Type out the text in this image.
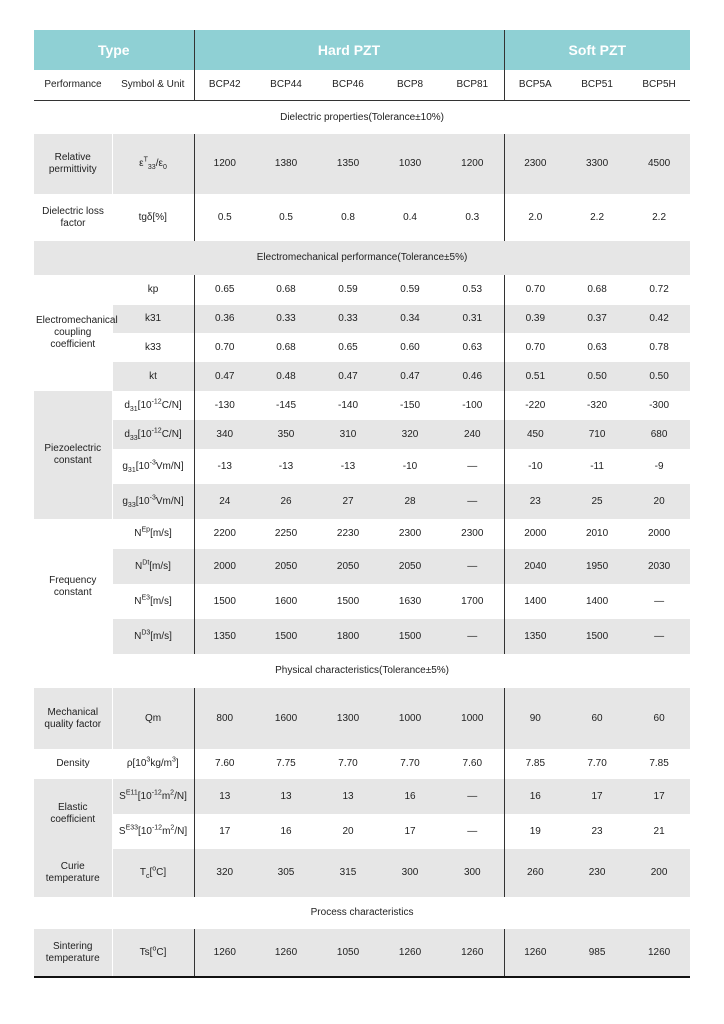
Type		Hard PZT					Soft PZT		
Performance	Symbol & Unit	BCP42	BCP44	BCP46	BCP8	BCP81	BCP5A	BCP51	BCP5H
Dielectric properties(Tolerance±10%)									
Relative permittivity	$\varepsilon^T_{33}/\varepsilon_0$	1200	1380	1350	1030	1200	2300	3300	4500
Dielectric loss factor	tgδ[%]	0.5	0.5	0.8	0.4	0.3	2.0	2.2	2.2
Electromechanical performance(Tolerance±5%)									
Electromechanical coupling coefficient	kp	0.65	0.68	0.59	0.59	0.53	0.70	0.68	0.72
	k31	0.36	0.33	0.33	0.34	0.31	0.39	0.37	0.42
	k33	0.70	0.68	0.65	0.60	0.63	0.70	0.63	0.78
	kt	0.47	0.48	0.47	0.47	0.46	0.51	0.50	0.50
Piezoelectric constant	$d_{31}[10^{-12}C/N]$	-130	-145	-140	-150	-100	-220	-320	-300
	$d_{33}[10^{-12}C/N]$	340	350	310	320	240	450	710	680
	$g_{31}[10^{-3}Vm/N]$	-13	-13	-13	-10	—	-10	-11	-9
	$g_{33}[10^{-3}Vm/N]$	24	26	27	28	—	23	25	20
Frequency constant	$N^{Ep}[m/s]$	2200	2250	2230	2300	2300	2000	2010	2000
	$N^{Dt}[m/s]$	2000	2050	2050	2050	—	2040	1950	2030
	$N^{E3}[m/s]$	1500	1600	1500	1630	1700	1400	1400	—
	$N^{D3}[m/s]$	1350	1500	1800	1500	—	1350	1500	—
Physical characteristics(Tolerance±5%)									
Mechanical quality factor	Qm	800	1600	1300	1000	1000	90	60	60
Density	$\rho[10^3kg/m^3]$	7.60	7.75	7.70	7.70	7.60	7.85	7.70	7.85
Elastic coefficient	$S^{E11}[10^{-12}m^2/N]$	13	13	13	16	—	16	17	17
	$S^{E33}[10^{-12}m^2/N]$	17	16	20	17	—	19	23	21
Curie temperature	$T_c[^oC]$	320	305	315	300	300	260	230	200
Process characteristics									
Sintering temperature	Ts[$^o$C]	1260	1260	1050	1260	1260	1260	985	1260
